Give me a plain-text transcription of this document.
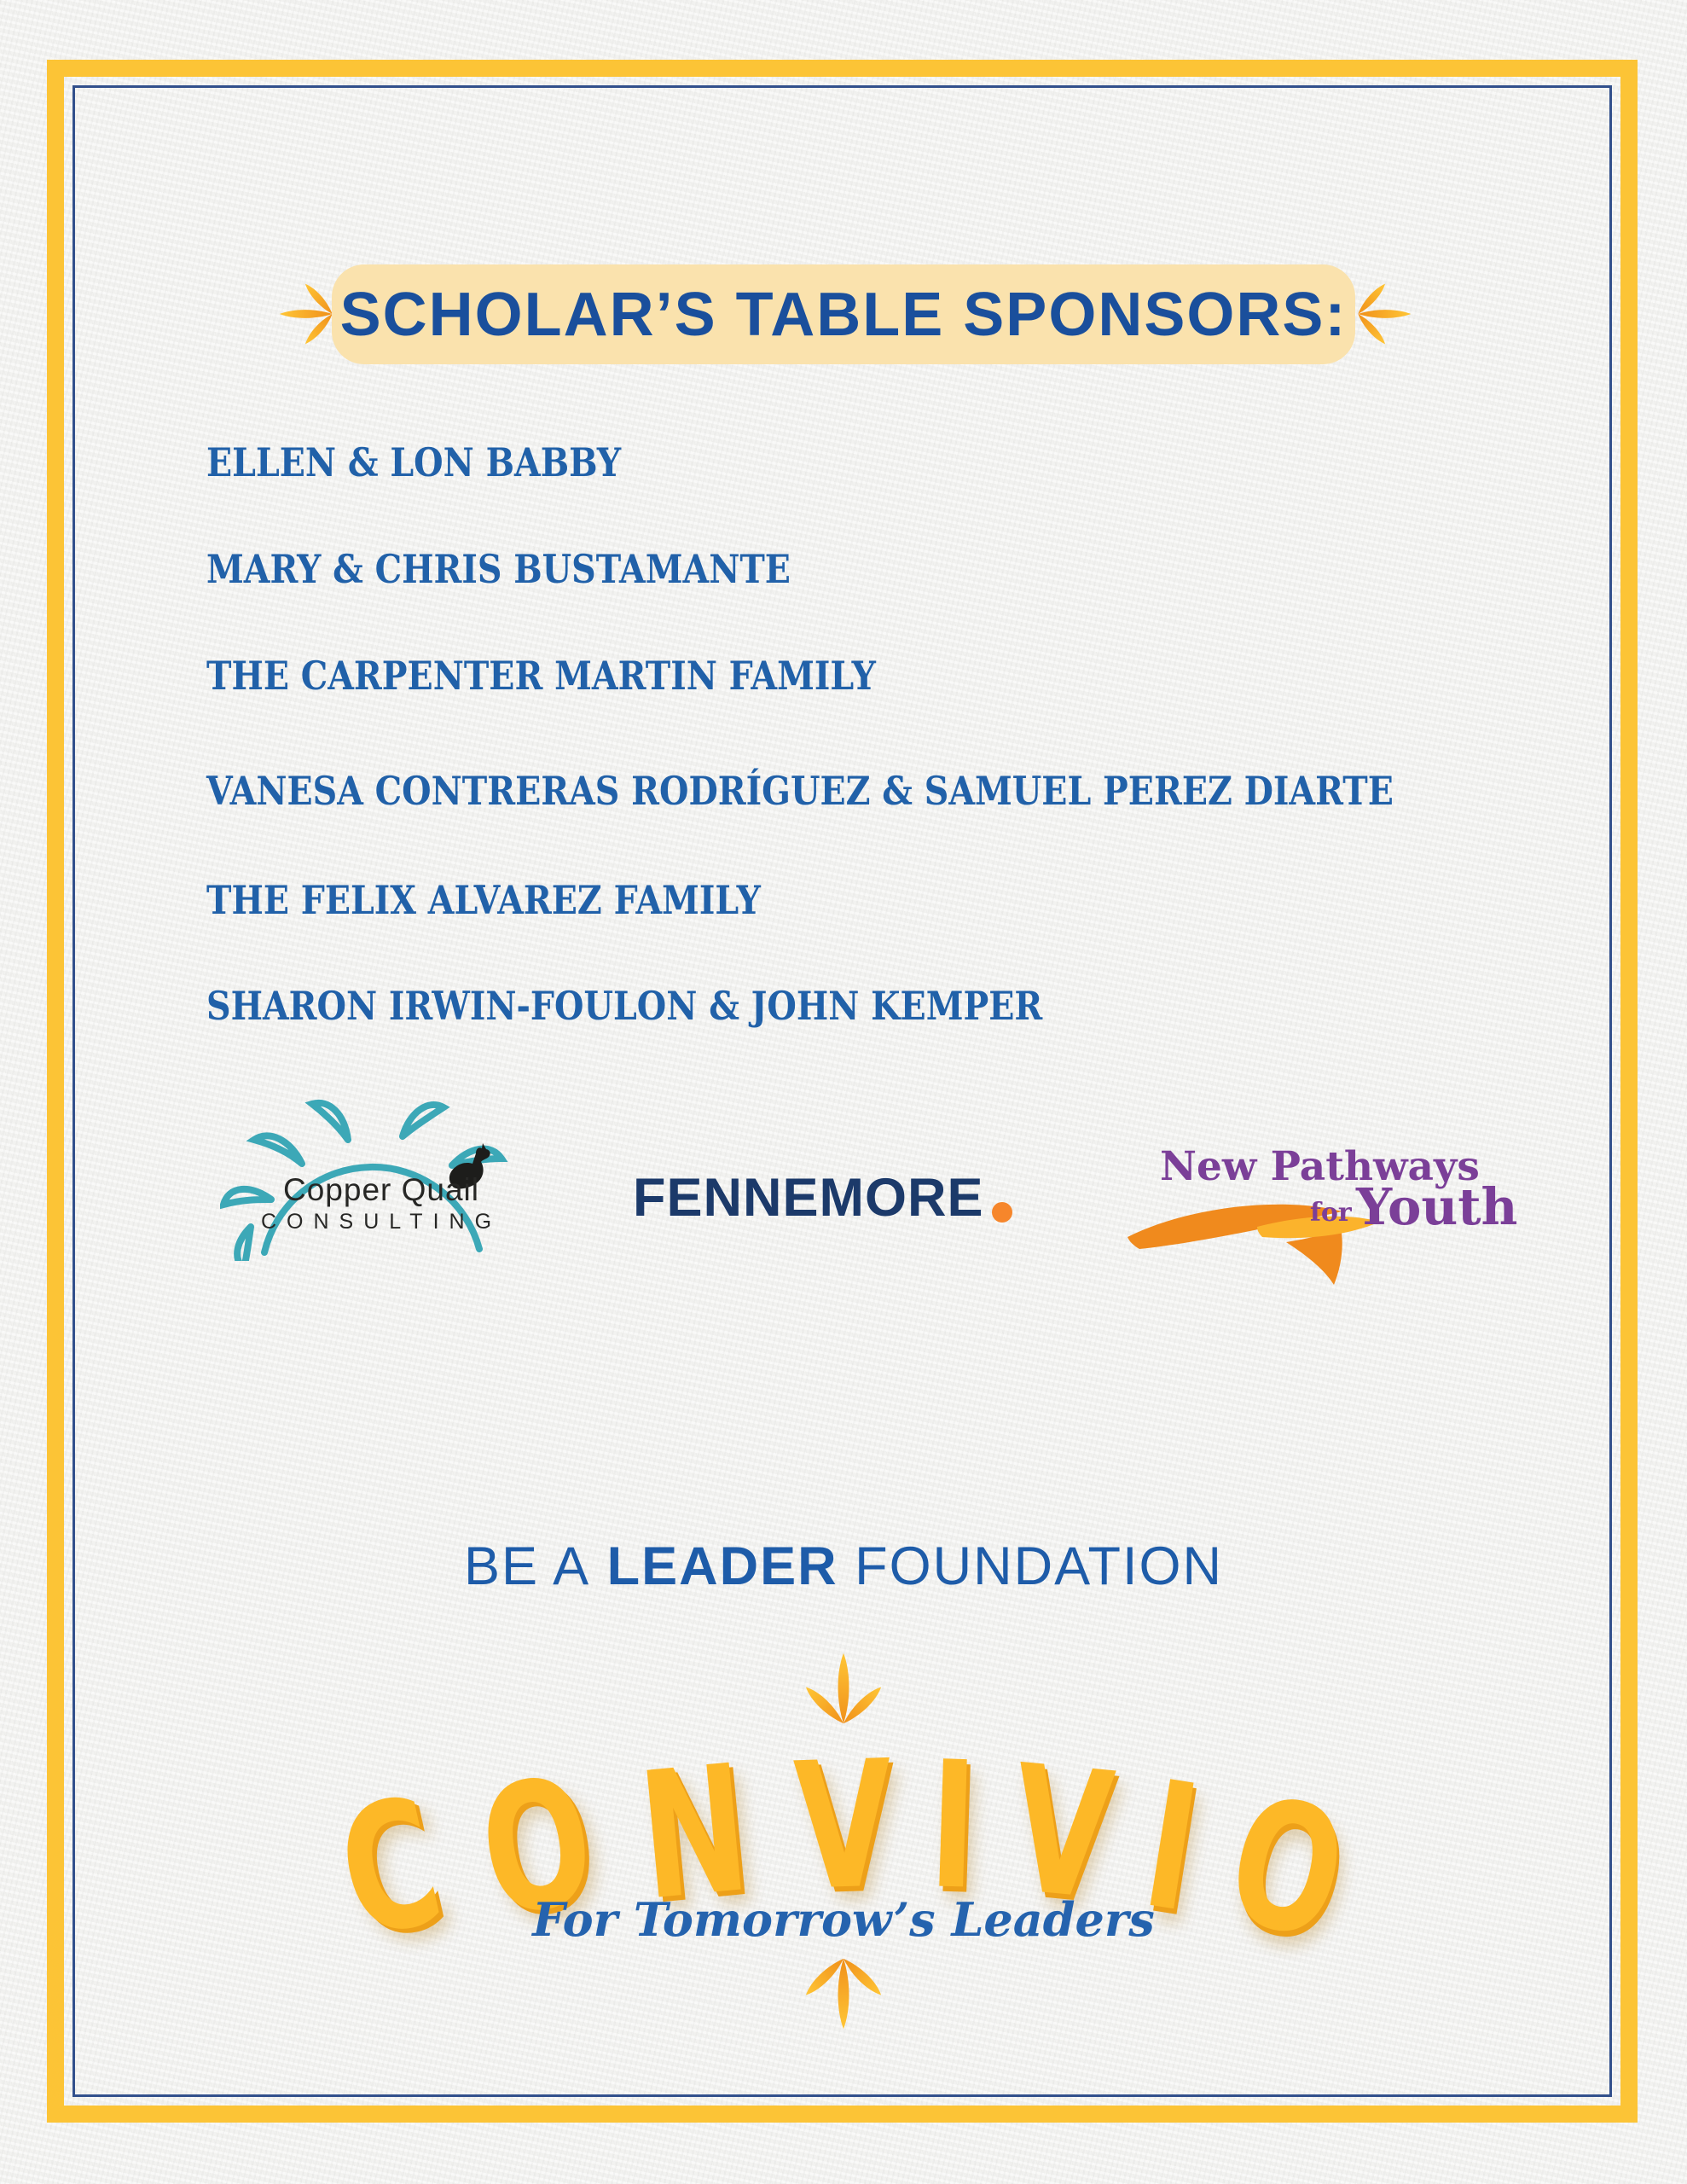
SCHOLAR’S TABLE SPONSORS:
ELLEN & LON BABBY
MARY & CHRIS BUSTAMANTE
THE CARPENTER MARTIN FAMILY
VANESA CONTRERAS RODRÍGUEZ & SAMUEL PEREZ DIARTE
THE FELIX ALVAREZ FAMILY
SHARON IRWIN-FOULON & JOHN KEMPER
Copper Quail
CONSULTING	FENNEMORE
New Pathways
for Youth
BE A LEADER FOUNDATION
CO N V I VIO
For Tomorrow’s Leaders
